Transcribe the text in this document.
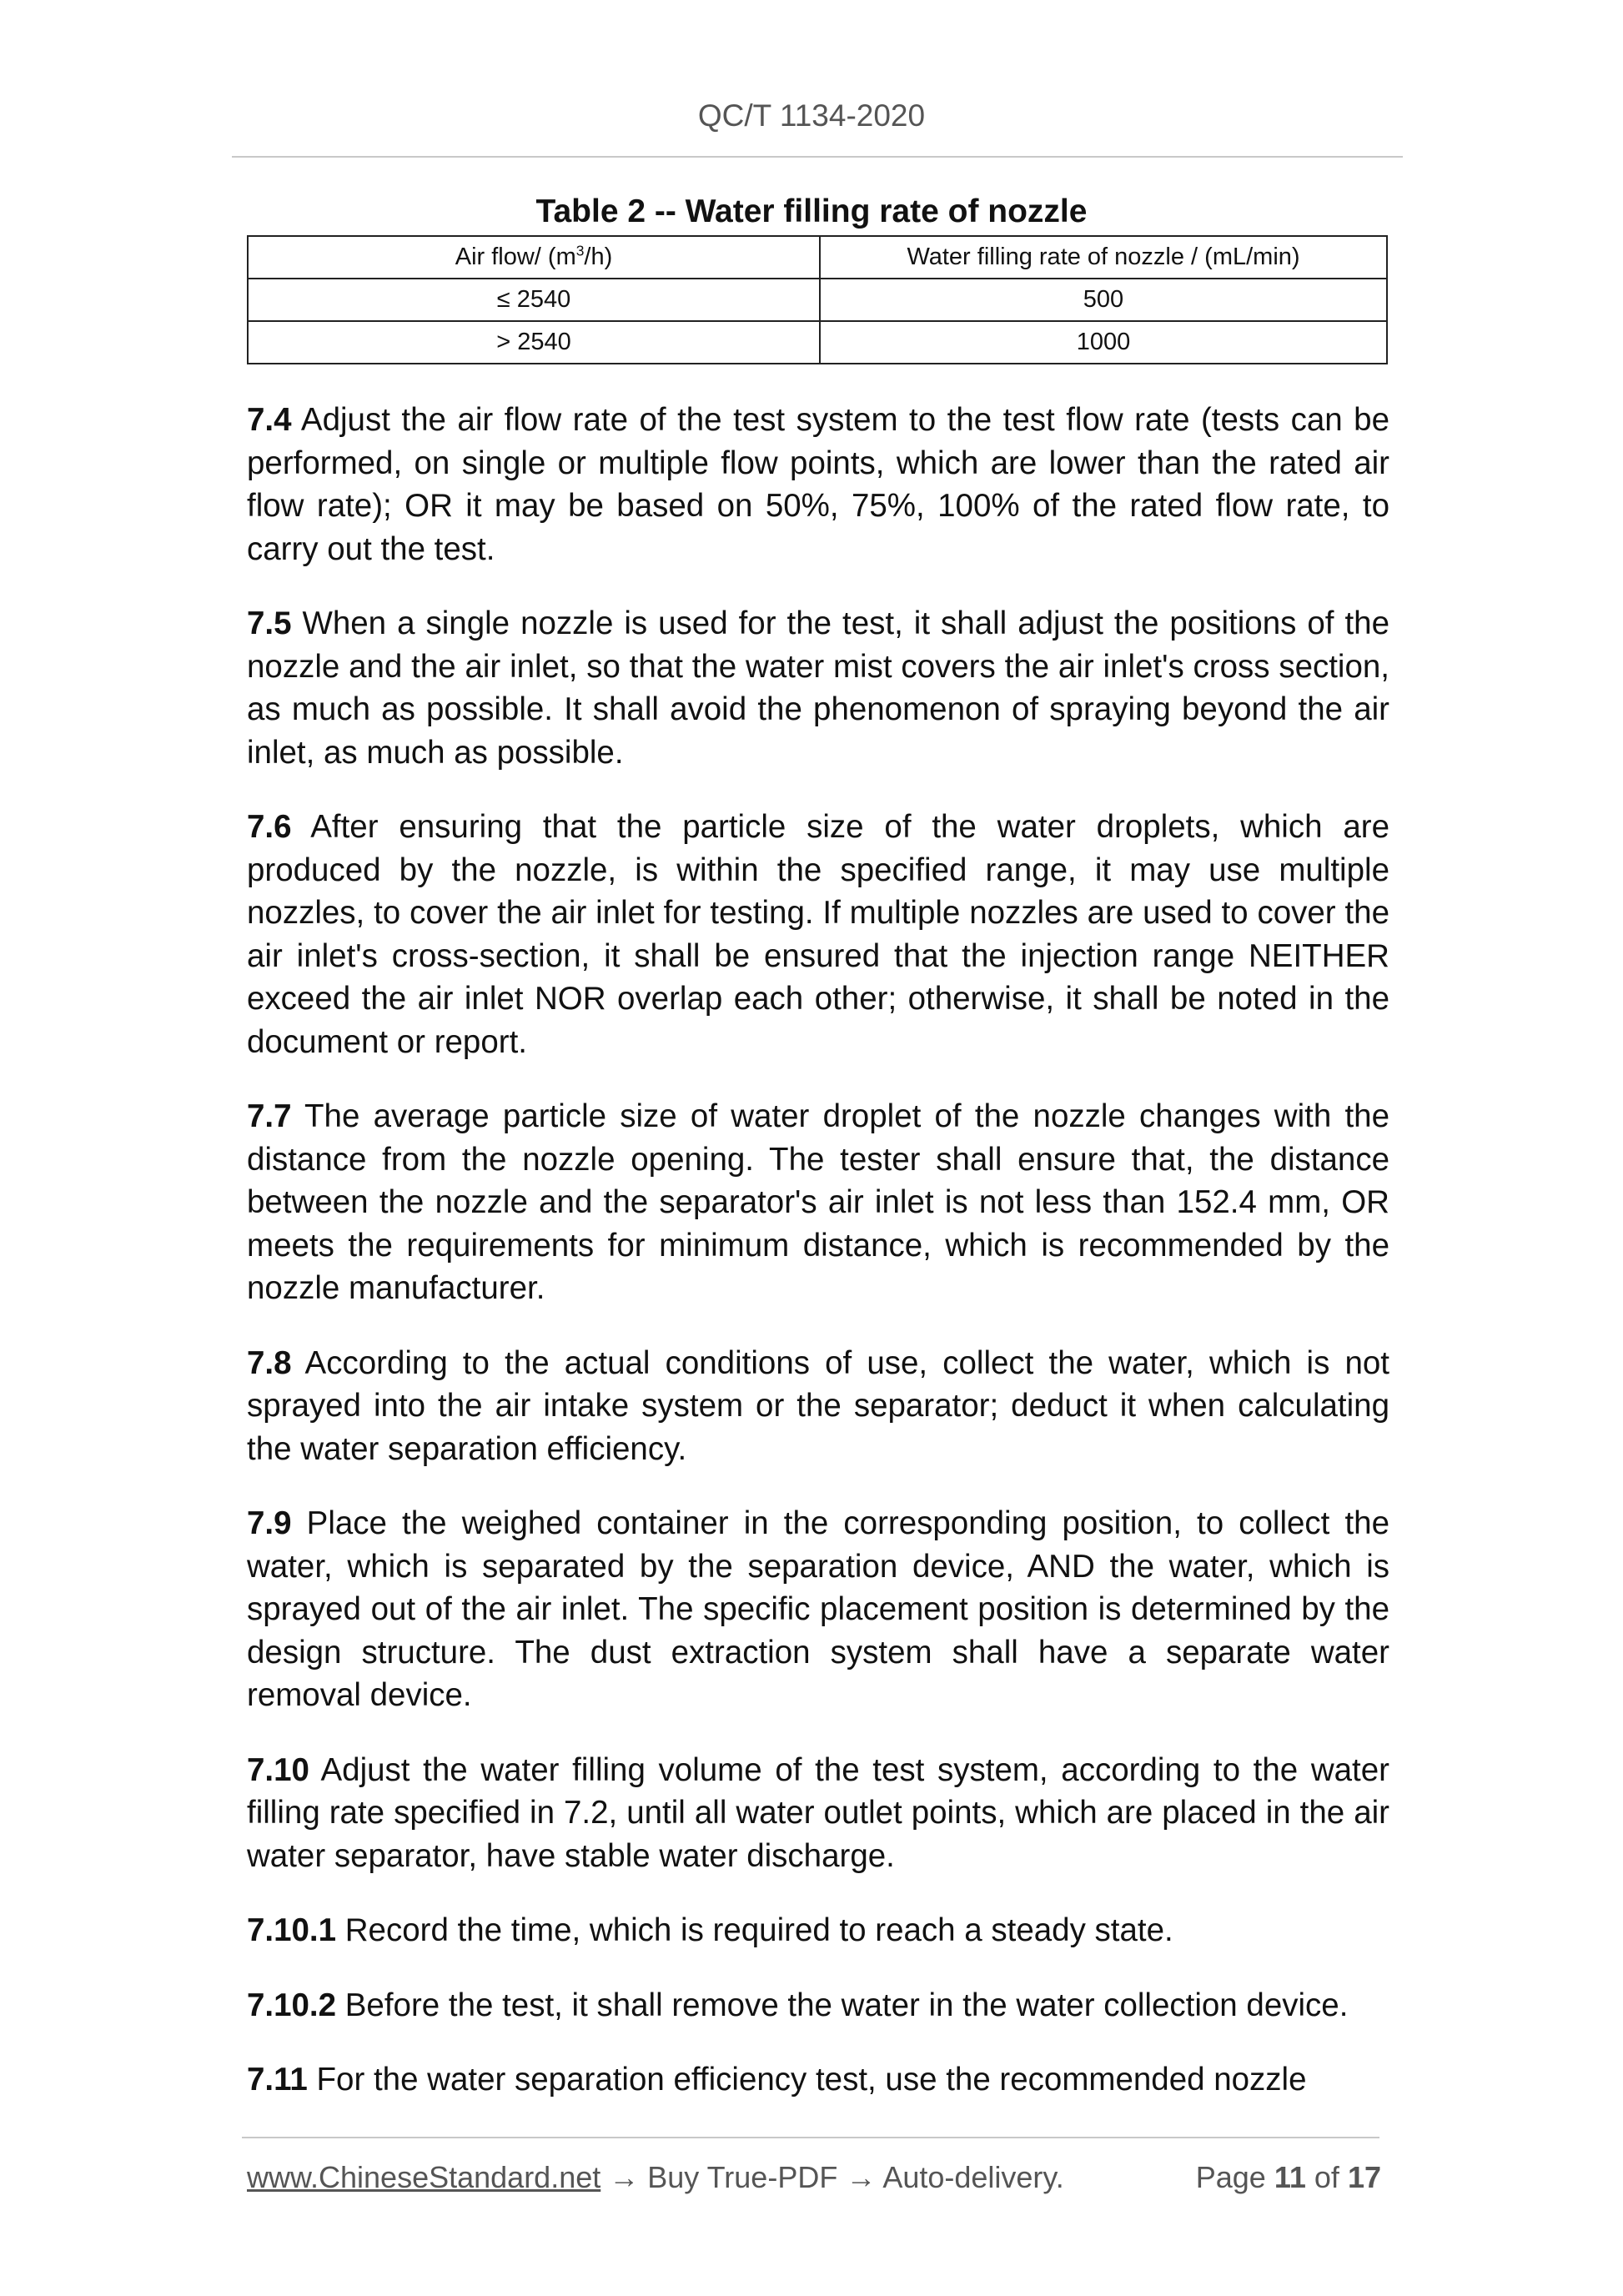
QC/T 1134-2020
Table 2 -- Water filling rate of nozzle
Air flow/ $(m^3/h)$	Water filling rate of nozzle / (mL/min)
≤ 2540	500
> 2540	1000

7.4 Adjust the air flow rate of the test system to the test flow rate (tests can be performed, on single or multiple flow points, which are lower than the rated air flow rate); OR it may be based on 50%, 75%, 100% of the rated flow rate, to carry out the test.

7.5 When a single nozzle is used for the test, it shall adjust the positions of the nozzle and the air inlet, so that the water mist covers the air inlet's cross section, as much as possible. It shall avoid the phenomenon of spraying beyond the air inlet, as much as possible.

7.6 After ensuring that the particle size of the water droplets, which are produced by the nozzle, is within the specified range, it may use multiple nozzles, to cover the air inlet for testing. If multiple nozzles are used to cover the air inlet's cross-section, it shall be ensured that the injection range NEITHER exceed the air inlet NOR overlap each other; otherwise, it shall be noted in the document or report.

7.7 The average particle size of water droplet of the nozzle changes with the distance from the nozzle opening. The tester shall ensure that, the distance between the nozzle and the separator's air inlet is not less than 152.4 mm, OR meets the requirements for minimum distance, which is recommended by the nozzle manufacturer.

7.8 According to the actual conditions of use, collect the water, which is not sprayed into the air intake system or the separator; deduct it when calculating the water separation efficiency.

7.9 Place the weighed container in the corresponding position, to collect the water, which is separated by the separation device, AND the water, which is sprayed out of the air inlet. The specific placement position is determined by the design structure. The dust extraction system shall have a separate water removal device.

7.10 Adjust the water filling volume of the test system, according to the water filling rate specified in 7.2, until all water outlet points, which are placed in the air water separator, have stable water discharge.

7.10.1 Record the time, which is required to reach a steady state.

7.10.2 Before the test, it shall remove the water in the water collection device.

7.11 For the water separation efficiency test, use the recommended nozzle

www.ChineseStandard.net → Buy True-PDF → Auto-delivery.	Page 11 of 17
